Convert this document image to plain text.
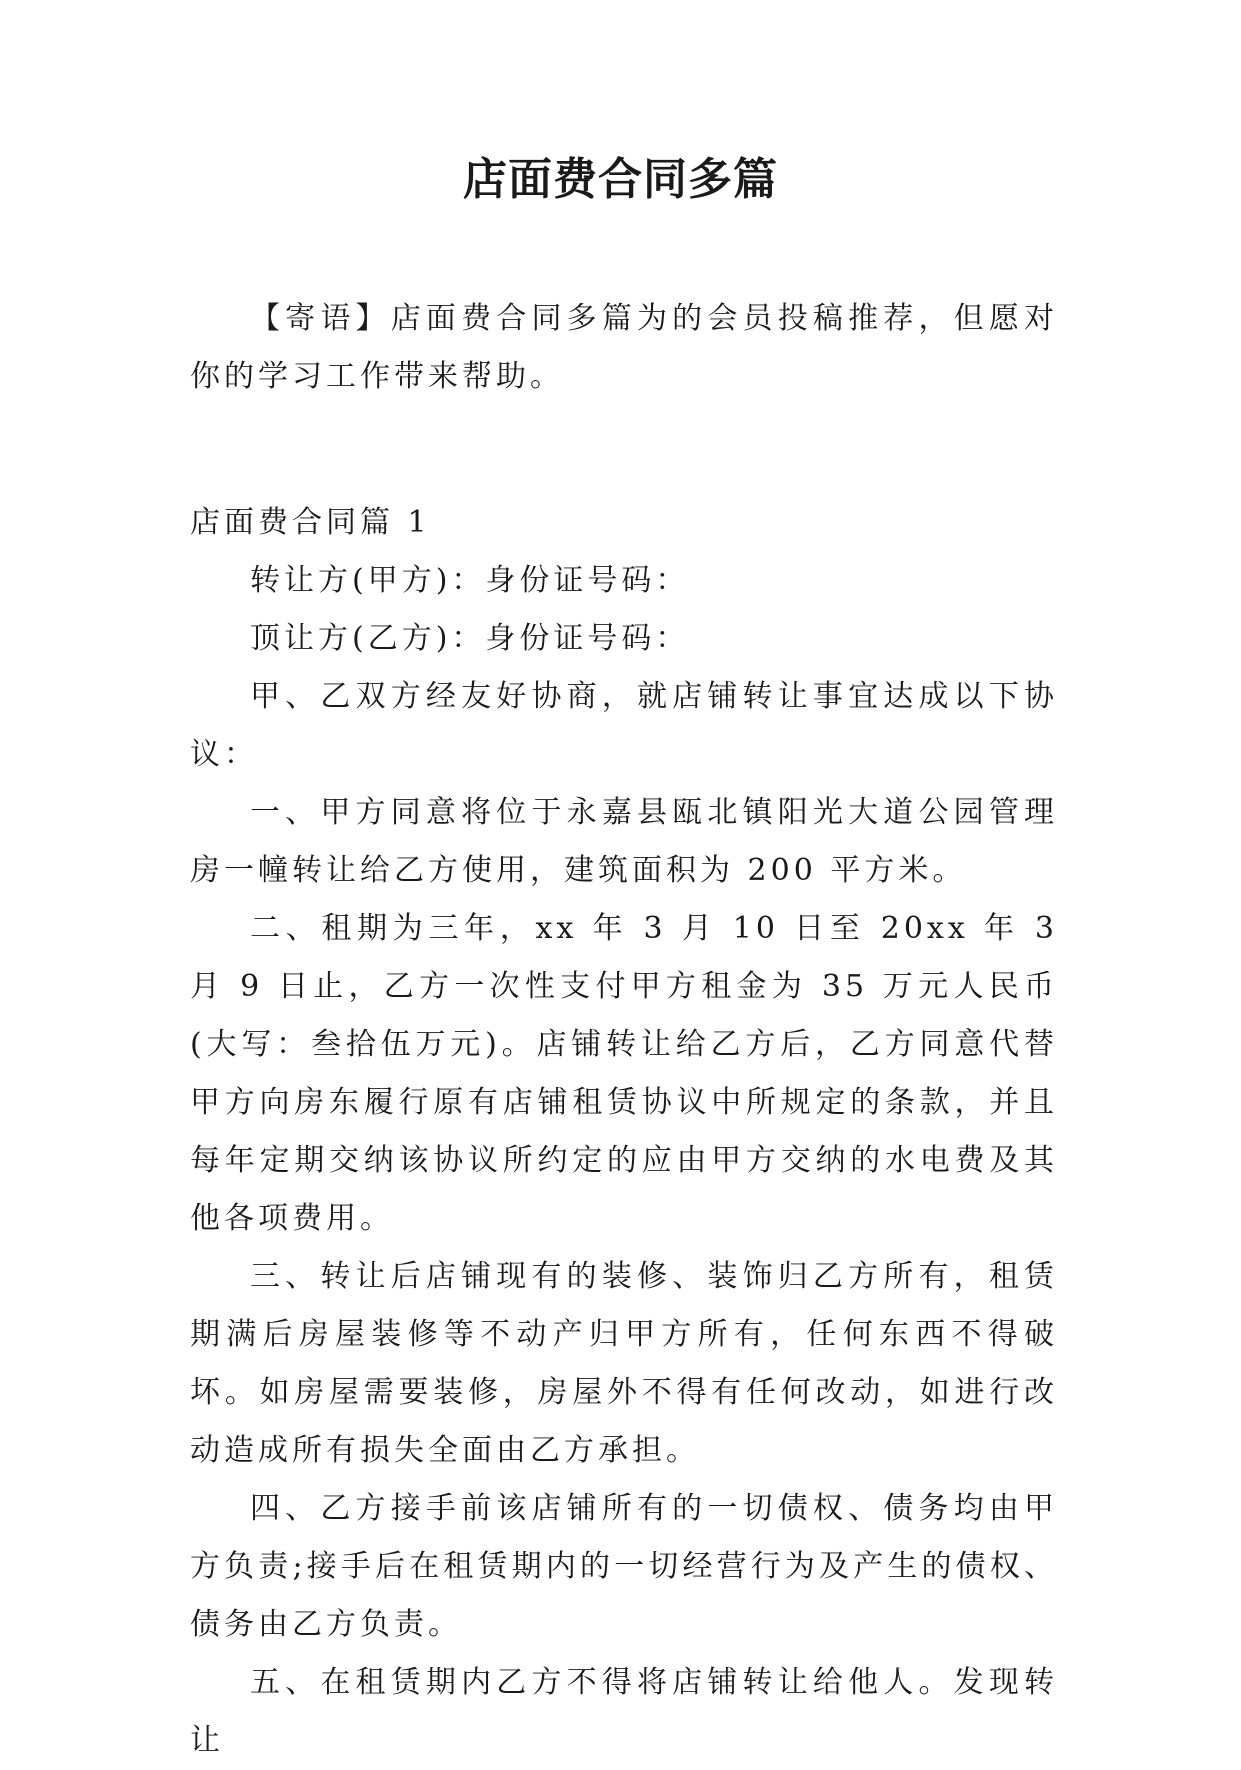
店面费合同多篇

【寄语】店面费合同多篇为的会员投稿推荐，但愿对你的学习工作带来帮助。

店面费合同篇 1

转让方(甲方)：身份证号码：

顶让方(乙方)：身份证号码：

甲、乙双方经友好协商，就店铺转让事宜达成以下协议：

一、甲方同意将位于永嘉县瓯北镇阳光大道公园管理房一幢转让给乙方使用，建筑面积为 200 平方米。

二、租期为三年，xx 年 3 月 10 日至 20xx 年 3 月 9 日止，乙方一次性支付甲方租金为 35 万元人民币(大写：叁拾伍万元)。店铺转让给乙方后，乙方同意代替甲方向房东履行原有店铺租赁协议中所规定的条款，并且每年定期交纳该协议所约定的应由甲方交纳的水电费及其他各项费用。

三、转让后店铺现有的装修、装饰归乙方所有，租赁期满后房屋装修等不动产归甲方所有，任何东西不得破坏。如房屋需要装修，房屋外不得有任何改动，如进行改动造成所有损失全面由乙方承担。

四、乙方接手前该店铺所有的一切债权、债务均由甲方负责;接手后在租赁期内的一切经营行为及产生的债权、债务由乙方负责。

五、在租赁期内乙方不得将店铺转让给他人。发现转让
